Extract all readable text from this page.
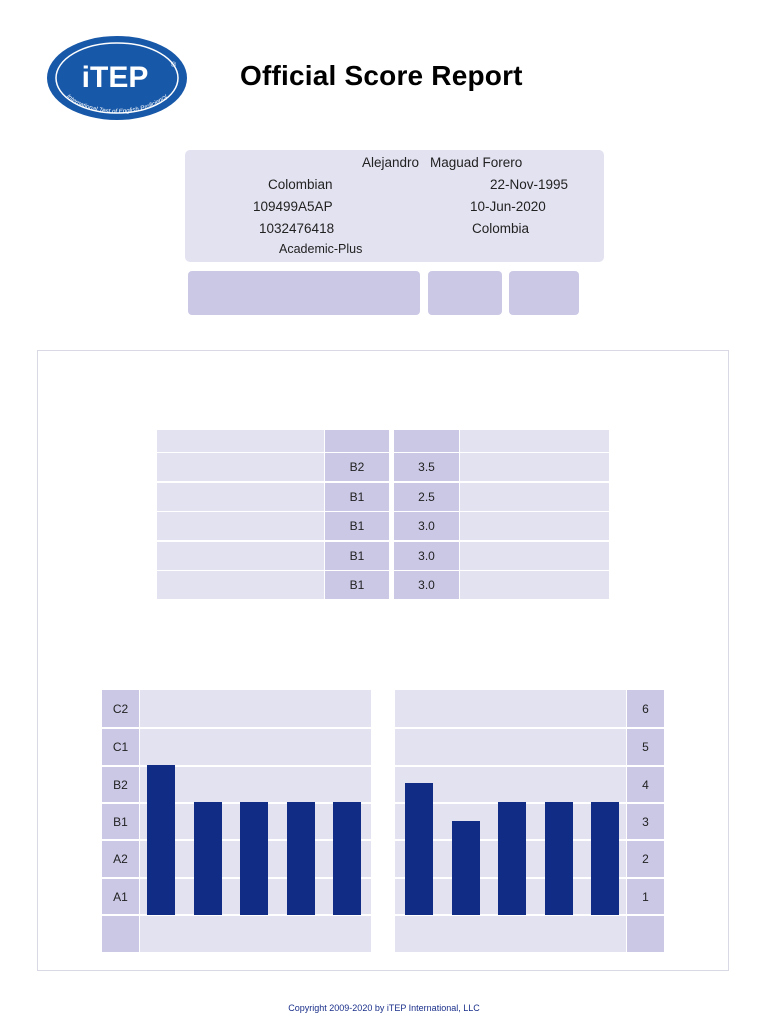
iTEP	®
International Test of English Proficiency
Official Score Report
Alejandro Maguad Forero
Colombian	22-Nov-1995
109499A5AP	10-Jun-2020
1032476418	Colombia
Academic-Plus
B2	3.5
B1	2.5
B1	3.0
B1	3.0
B1	3.0
C2
C1
B2
B1
A2
A1
6
5
4
3
2
1
Copyright 2009-2020 by iTEP International, LLC
